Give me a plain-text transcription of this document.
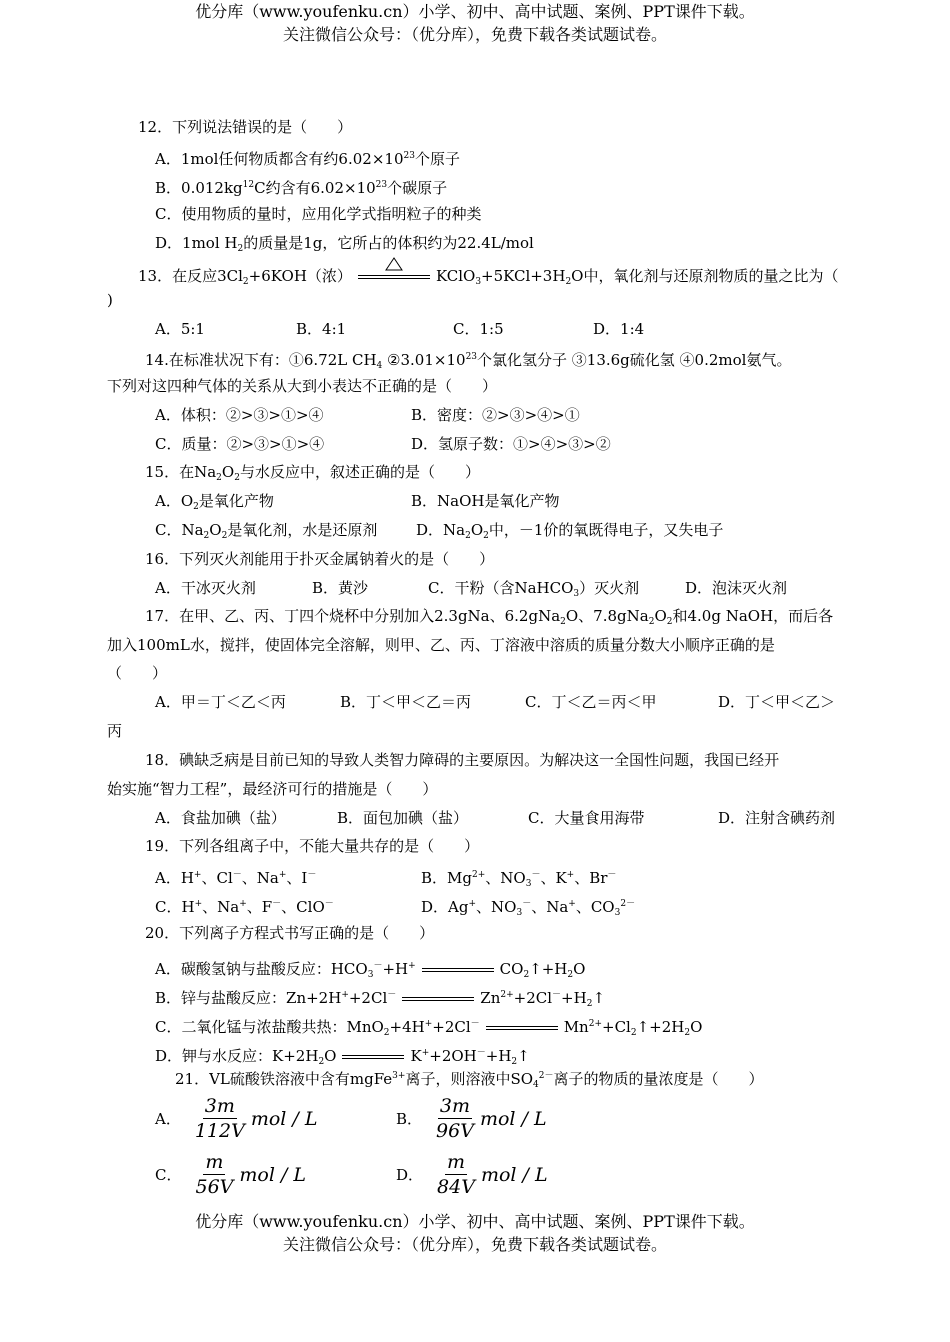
优分库（www.youfenku.cn）小学、初中、高中试题、案例、PPT课件下载。
关注微信公众号：（优分库），免费下载各类试题试卷。
12．下列说法错误的是（　　）
A．1mol任何物质都含有约$6.02\times 10^{23}$个原子
B．$0.012kg^{12}C$约含有$6.02\times 10^{23}$个碳原子
C．使用物质的量时，应用化学式指明粒子的种类
D．1mol $H_2$的质量是1g，它所占的体积约为22.4L/mol
13．在反应$3Cl_2+6KOH$（浓）	$KClO_3+5KCl+3H_2O$中，氧化剂与还原剂物质的量之比为（
)
A．5:1	B．4:1	C．1:5	D．1:4
14.在标准状况下有：①6.72L $CH_4$ $②3.01\times 10^{23}$个氯化氢分子 ③13.6g硫化氢 ④0.2mol氨气。
下列对这四种气体的关系从大到小表达不正确的是（　　）
A．体积：②>③>①>④	B．密度：②>③>④>①
C．质量：②>③>①>④	D．氢原子数：①>④>③>②
15．在$Na_2O_2$与水反应中，叙述正确的是（　　）
A．$O_2$是氧化产物	B．NaOH是氧化产物
C．$Na_2O_2$是氧化剂，水是还原剂	D．$Na_2O_2$中，－1价的氧既得电子，又失电子
16．下列灭火剂能用于扑灭金属钠着火的是（　　）
A．干冰灭火剂	B．黄沙	C．干粉（含NaHCO$_3$）灭火剂	D．泡沫灭火剂
17．在甲、乙、丙、丁四个烧杯中分别加入2.3gNa、6.2gNa$_2$O、$7.8gNa_2O_2$和4.0g NaOH，而后各
加入100mL水，搅拌，使固体完全溶解，则甲、乙、丙、丁溶液中溶质的质量分数大小顺序正确的是
（　　）
A．甲＝丁＜乙＜丙	B．丁＜甲＜乙＝丙	C．丁＜乙＝丙＜甲	D．丁＜甲＜乙＞
丙
18．碘缺乏病是目前已知的导致人类智力障碍的主要原因。为解决这一全国性问题，我国已经开
始实施“智力工程”，最经济可行的措施是（　　）
A．食盐加碘（盐）	B．面包加碘（盐）	C．大量食用海带	D．注射含碘药剂
19．下列各组离子中，不能大量共存的是（　　）
A．H+、Cl－、Na+、I－	B．$Mg^{2+}$、$NO_3^-$、K+、Br－
C．H+、Na+、F－、ClO－	D．Ag+、$NO_3^-$、Na+、$CO_3^{2-}$
20．下列离子方程式书写正确的是（　　）
A．碳酸氢钠与盐酸反应：$HCO_3^-+H^+$	$CO_2↑+H_2O$
B．锌与盐酸反应：Zn+2H++2Cl－	$Zn^{2+}+2Cl^-+H_2↑$
C．二氧化锰与浓盐酸共热：MnO$_2$+4H++2Cl－	$Mn^{2+}+Cl_2↑+2H_2O$
D．钾与水反应：$K+2H_2O$	$K^++2OH^-+H_2↑$
21．VL硫酸铁溶液中含有mgFe$^{3+}$离子，则溶液中$SO_4^{2-}$离子的物质的量浓度是（　　）
A． $\frac{3m}{112V}$ mol / L	B． $\frac{3m}{96V}$ mol / L
C． $\frac{m}{56V}$ mol / L	D． $\frac{m}{84V}$ mol / L
优分库（www.youfenku.cn）小学、初中、高中试题、案例、PPT课件下载。
关注微信公众号：（优分库），免费下载各类试题试卷。
